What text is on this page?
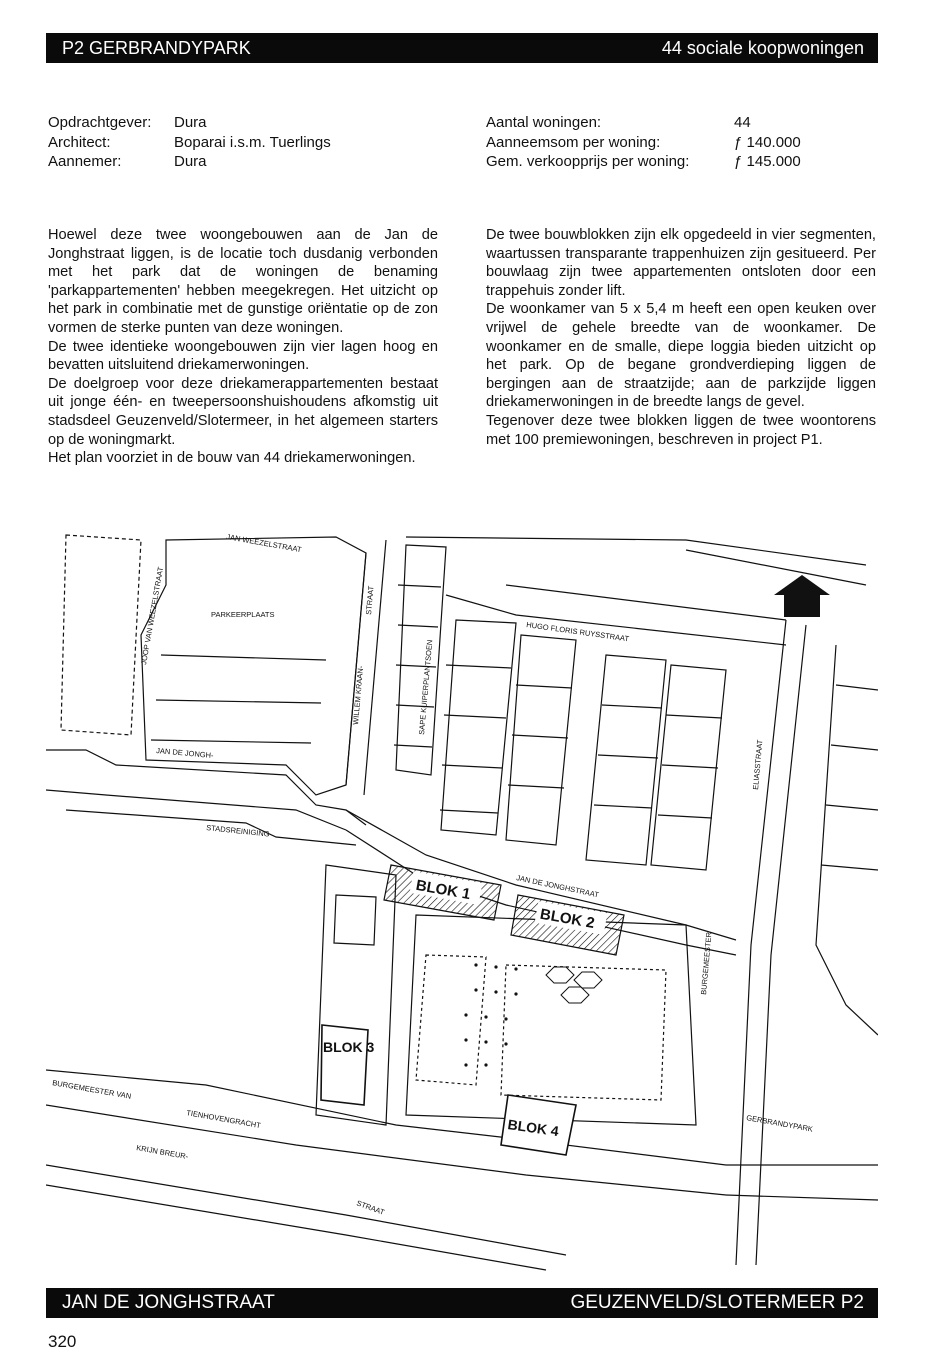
P2 GERBRANDYPARK	44 sociale koopwoningen
Opdrachtgever:	Dura
Architect:	Boparai i.s.m. Tuerlings
Aannemer:	Dura
Aantal woningen:	44
Aanneemsom per woning:	ƒ 140.000
Gem. verkoopprijs per woning:	ƒ 145.000

Hoewel deze twee woongebouwen aan de Jan de Jonghstraat liggen, is de locatie toch dusdanig verbonden met het park dat de woningen de benaming 'parkappartementen' hebben meegekregen. Het uitzicht op het park in combinatie met de gunstige oriëntatie op de zon vormen de sterke punten van deze woningen.

De twee identieke woongebouwen zijn vier lagen hoog en bevatten uitsluitend driekamerwoningen.

De doelgroep voor deze driekamerappartementen bestaat uit jonge één- en tweepersoonshuishoudens afkomstig uit stadsdeel Geuzenveld/Slotermeer, in het algemeen starters op de woningmarkt.

Het plan voorziet in de bouw van 44 driekamerwoningen.

De twee bouwblokken zijn elk opgedeeld in vier segmenten, waartussen transparante trappenhuizen zijn gesitueerd. Per bouwlaag zijn twee appartementen ontsloten door een trappehuis zonder lift.

De woonkamer van 5 x 5,4 m heeft een open keuken over vrijwel de gehele breedte van de woonkamer. De woonkamer en de smalle, diepe loggia bieden uitzicht op het park. Op de begane grondverdieping liggen de bergingen aan de straatzijde; aan de parkzijde liggen driekamerwoningen in de breedte langs de gevel.

Tegenover deze twee blokken liggen de twee woontorens met 100 premiewoningen, beschreven in project P1.

BLOK 1
BLOK 2
BLOK 3
BLOK 4
JAN WEEZELSTRAAT
JOOP VAN WEEZELSTRAAT
WILLEM KRAAN-
STRAAT
SAPE KUIPERPLANTSOEN
HUGO FLORIS RUYSSTRAAT
JAN DE JONGH-
JAN DE JONGHSTRAAT
STADSREINIGING
BURGEMEESTER
ELIASSTRAAT
GERBRANDYPARK
BURGEMEESTER VAN
TIENHOVENGRACHT
KRIJN BREUR-
STRAAT
PARKEERPLAATS
JAN DE JONGHSTRAAT	GEUZENVELD/SLOTERMEER P2
320
